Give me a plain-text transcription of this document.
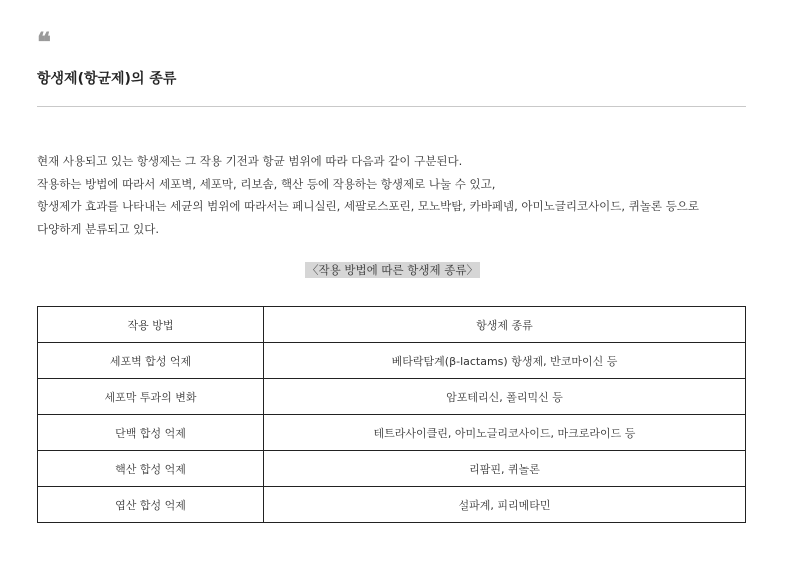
❝
항생제(항균제)의 종류

현재 사용되고 있는 항생제는 그 작용 기전과 항균 범위에 따라 다음과 같이 구분된다.

작용하는 방법에 따라서 세포벽, 세포막, 리보솜, 핵산 등에 작용하는 항생제로 나눌 수 있고,

항생제가 효과를 나타내는 세균의 범위에 따라서는 페니실린, 세팔로스포린, 모노박탐, 카바페넴, 아미노글리코사이드, 퀴놀론 등으로

다양하게 분류되고 있다.

〈작용 방법에 따른 항생제 종류〉
작용 방법	항생제 종류
세포벽 합성 억제	베타락탐계(β-lactams) 항생제, 반코마이신 등
세포막 투과의 변화	암포테리신, 폴리믹신 등
단백 합성 억제	테트라사이클린, 아미노글리코사이드, 마크로라이드 등
핵산 합성 억제	리팜핀, 퀴놀론
엽산 합성 억제	설파계, 피리메타민
